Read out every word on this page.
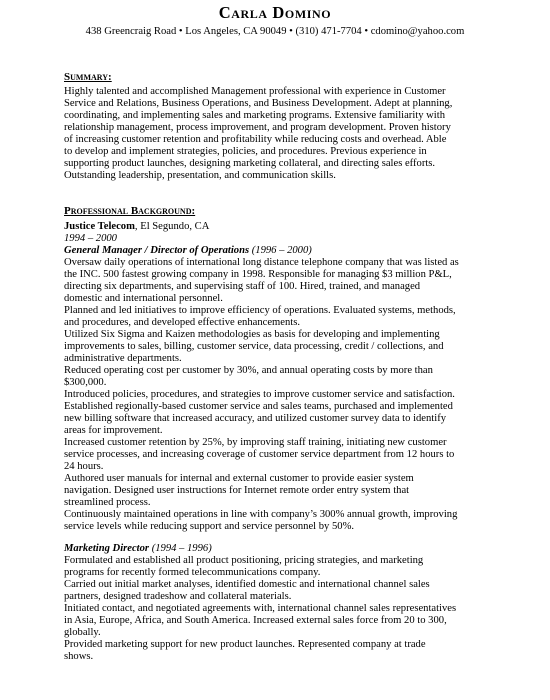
Carla Domino
438 Greencraig Road • Los Angeles, CA 90049 • (310) 471-7704 • cdomino@yahoo.com
Summary:
Highly talented and accomplished Management professional with experience in Customer
Service and Relations, Business Operations, and Business Development. Adept at planning,
coordinating, and implementing sales and marketing programs. Extensive familiarity with
relationship management, process improvement, and program development. Proven history
of increasing customer retention and profitability while reducing costs and overhead. Able
to develop and implement strategies, policies, and procedures. Previous experience in
supporting product launches, designing marketing collateral, and directing sales efforts.
Outstanding leadership, presentation, and communication skills.
Professional Background:
Justice Telecom, El Segundo, CA
1994 – 2000
General Manager / Director of Operations (1996 – 2000)
Oversaw daily operations of international long distance telephone company that was listed as
the INC. 500 fastest growing company in 1998. Responsible for managing $3 million P&L,
directing six departments, and supervising staff of 100. Hired, trained, and managed
domestic and international personnel.
Planned and led initiatives to improve efficiency of operations. Evaluated systems, methods,
and procedures, and developed effective enhancements.
Utilized Six Sigma and Kaizen methodologies as basis for developing and implementing
improvements to sales, billing, customer service, data processing, credit / collections, and
administrative departments.
Reduced operating cost per customer by 30%, and annual operating costs by more than
$300,000.
Introduced policies, procedures, and strategies to improve customer service and satisfaction.
Established regionally-based customer service and sales teams, purchased and implemented
new billing software that increased accuracy, and utilized customer survey data to identify
areas for improvement.
Increased customer retention by 25%, by improving staff training, initiating new customer
service processes, and increasing coverage of customer service department from 12 hours to
24 hours.
Authored user manuals for internal and external customer to provide easier system
navigation. Designed user instructions for Internet remote order entry system that
streamlined process.
Continuously maintained operations in line with company’s 300% annual growth, improving
service levels while reducing support and service personnel by 50%.
Marketing Director (1994 – 1996)
Formulated and established all product positioning, pricing strategies, and marketing
programs for recently formed telecommunications company.
Carried out initial market analyses, identified domestic and international channel sales
partners, designed tradeshow and collateral materials.
Initiated contact, and negotiated agreements with, international channel sales representatives
in Asia, Europe, Africa, and South America. Increased external sales force from 20 to 300,
globally.
Provided marketing support for new product launches. Represented company at trade
shows.
